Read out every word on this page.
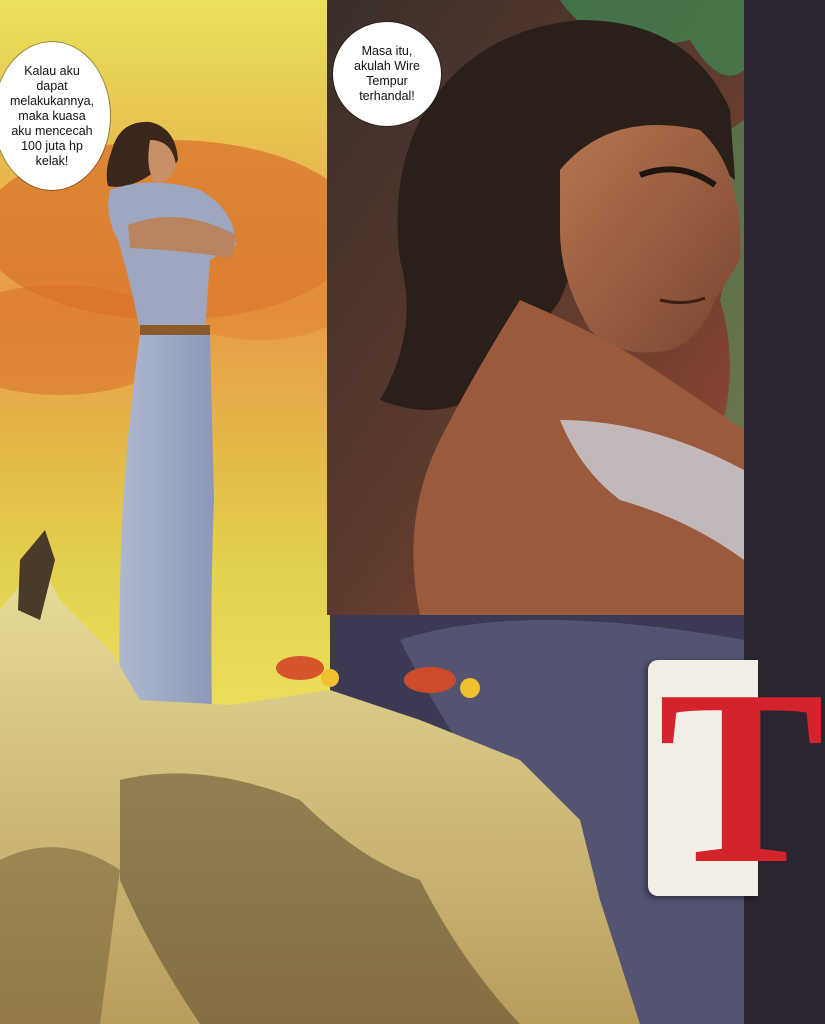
Kalau aku
dapat
melakukannya,
maka kuasa
aku mencecah
100 juta hp
kelak!
Masa itu,
akulah Wire
Tempur
terhandal!
T
